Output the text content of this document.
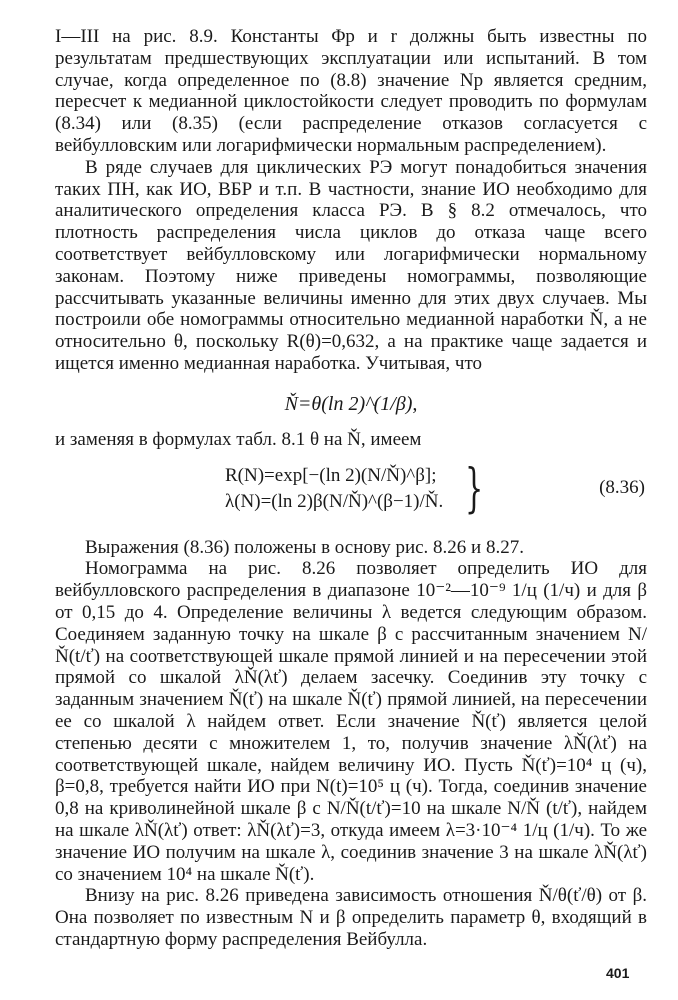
I—III на рис. 8.9. Константы Φp и r должны быть известны по результатам предшествующих эксплуатации или испытаний. В том случае, когда определенное по (8.8) значение Np является средним, пересчет к медианной циклостойкости следует проводить по формулам (8.34) или (8.35) (если распределение отказов согласуется с вейбулловским или логарифмически нормальным распределением).

В ряде случаев для циклических РЭ могут понадобиться значения таких ПН, как ИО, ВБР и т.п. В частности, знание ИО необходимо для аналитического определения класса РЭ. В § 8.2 отмечалось, что плотность распределения числа циклов до отказа чаще всего соответствует вейбулловскому или логарифмически нормальному законам. Поэтому ниже приведены номограммы, позволяющие рассчитывать указанные величины именно для этих двух случаев. Мы построили обе номограммы относительно медианной наработки Ň, а не относительно θ, поскольку R(θ)=0,632, а на практике чаще задается и ищется именно медианная наработка. Учитывая, что

Ň=θ(ln 2)^(1/β),

и заменяя в формулах табл. 8.1 θ на Ň, имеем

R(N)=exp[−(ln 2)(N/Ň)^β];
λ(N)=(ln 2)β(N/Ň)^(β−1)/Ň. }	(8.36)

Выражения (8.36) положены в основу рис. 8.26 и 8.27.

Номограмма на рис. 8.26 позволяет определить ИО для вейбулловского распределения в диапазоне 10⁻²—10⁻⁹ 1/ц (1/ч) и для β от 0,15 до 4. Определение величины λ ведется следующим образом. Соединяем заданную точку на шкале β с рассчитанным значением N/Ň(t/ť) на соответствующей шкале прямой линией и на пересечении этой прямой со шкалой λŇ(λť) делаем засечку. Соединив эту точку с заданным значением Ň(ť) на шкале Ň(ť) прямой линией, на пересечении ее со шкалой λ найдем ответ. Если значение Ň(ť) является целой степенью десяти с множителем 1, то, получив значение λŇ(λť) на соответствующей шкале, найдем величину ИО. Пусть Ň(ť)=10⁴ ц (ч), β=0,8, требуется найти ИО при N(t)=10⁵ ц (ч). Тогда, соединив значение 0,8 на криволинейной шкале β с N/Ň(t/ť)=10 на шкале N/Ň (t/ť), найдем на шкале λŇ(λť) ответ: λŇ(λť)=3, откуда имеем λ=3·10⁻⁴ 1/ц (1/ч). То же значение ИО получим на шкале λ, соединив значение 3 на шкале λŇ(λť) со значением 10⁴ на шкале Ň(ť).

Внизу на рис. 8.26 приведена зависимость отношения Ň/θ(ť/θ) от β. Она позволяет по известным N и β определить параметр θ, входящий в стандартную форму распределения Вейбулла.

401
